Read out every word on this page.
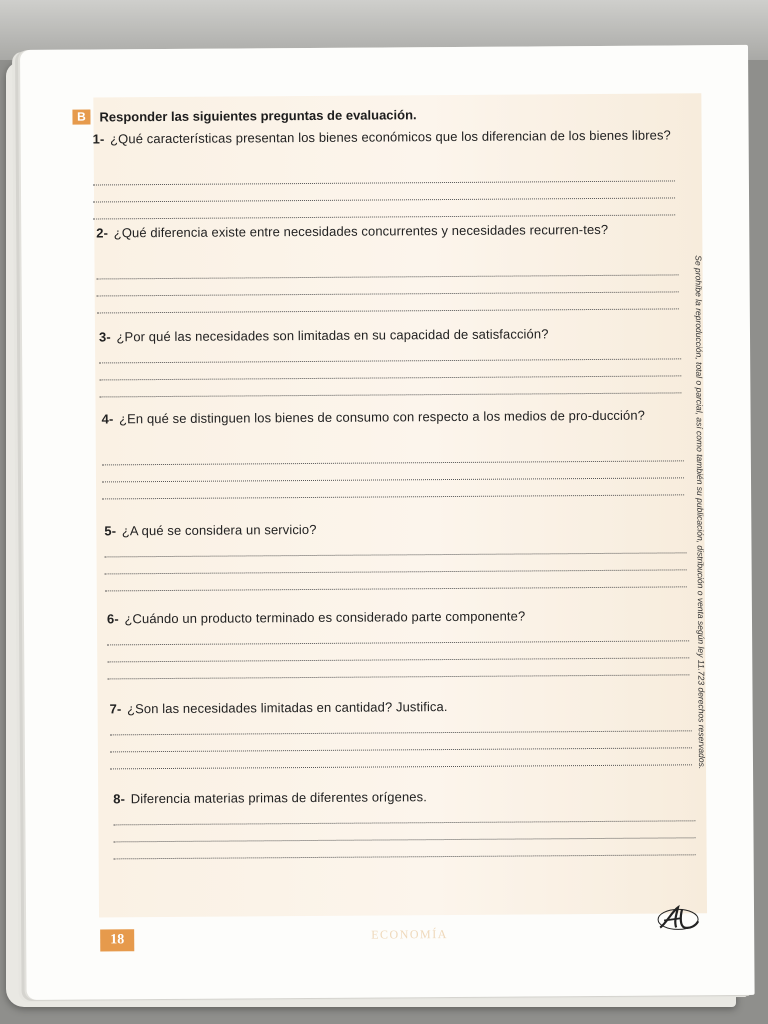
B	Responder las siguientes preguntas de evaluación.
1- ¿Qué características presentan los bienes económicos que los diferencian de los bienes libres?
2- ¿Qué diferencia existe entre necesidades concurrentes y necesidades recurren-tes?
3- ¿Por qué las necesidades son limitadas en su capacidad de satisfacción?
4- ¿En qué se distinguen los bienes de consumo con respecto a los medios de pro-ducción?
5- ¿A qué se considera un servicio?
6- ¿Cuándo un producto terminado es considerado parte componente?
7- ¿Son las necesidades limitadas en cantidad? Justifica.
8- Diferencia materias primas de diferentes orígenes.
Se prohíbe la reproducción, total o parcial, así como también su publicación, distribución o venta según ley 11.723 derechos reservados.
18	ECONOMÍA
